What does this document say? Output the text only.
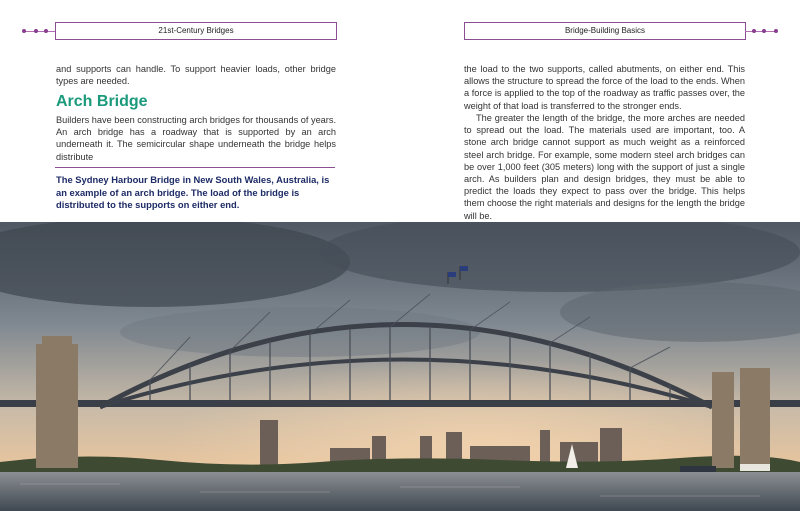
21st-Century Bridges	Bridge-Building Basics
and supports can handle. To support heavier loads, other bridge types are needed.
Arch Bridge
Builders have been constructing arch bridges for thousands of years. An arch bridge has a roadway that is supported by an arch underneath it. The semicircular shape underneath the bridge helps distribute
The Sydney Harbour Bridge in New South Wales, Australia, is an example of an arch bridge. The load of the bridge is distributed to the supports on either end.
the load to the two supports, called abutments, on either end. This allows the structure to spread the force of the load to the ends. When a force is applied to the top of the roadway as traffic passes over, the weight of that load is transferred to the stronger ends.
The greater the length of the bridge, the more arches are needed to spread out the load. The materials used are important, too. A stone arch bridge cannot support as much weight as a reinforced steel arch bridge. For example, some modern steel arch bridges can be over 1,000 feet (305 meters) long with the support of just a single arch. As builders plan and design bridges, they must be able to predict the loads they expect to pass over the bridge. This helps them choose the right materials and designs for the length the bridge will be.
